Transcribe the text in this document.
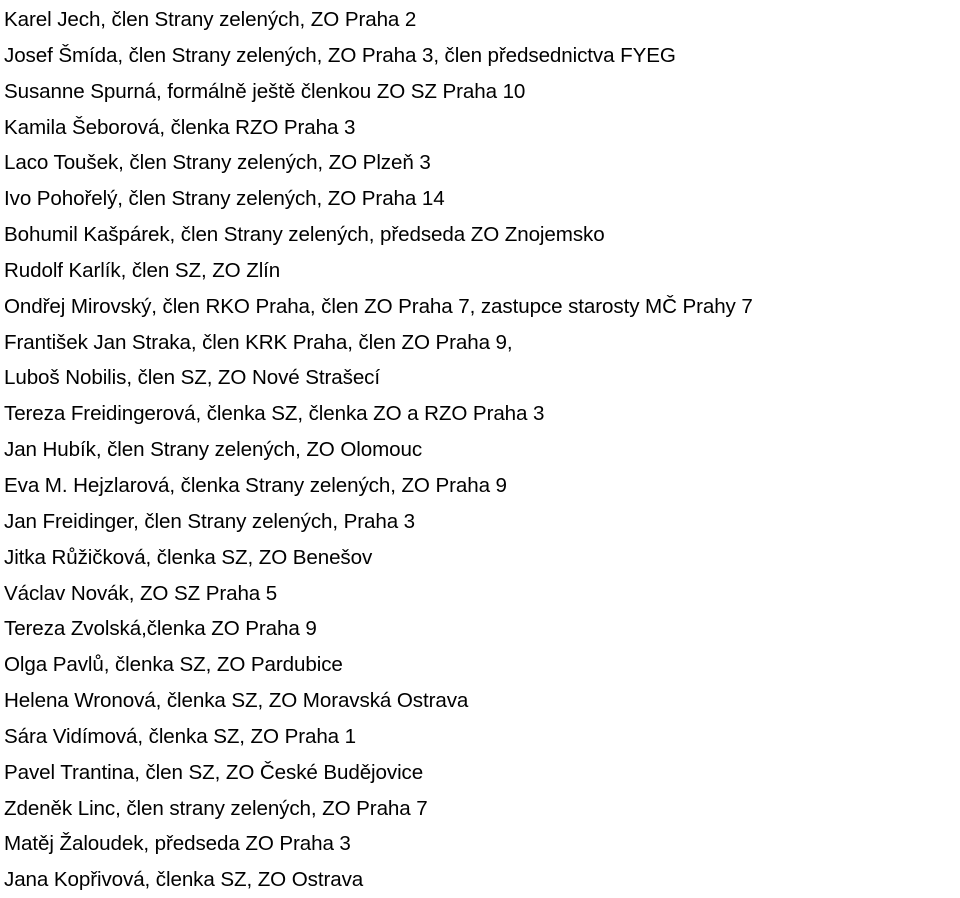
Karel Jech, člen Strany zelených, ZO Praha 2
Josef Šmída, člen Strany zelených, ZO Praha 3, člen předsednictva FYEG
Susanne Spurná, formálně ještě členkou ZO SZ Praha 10
Kamila Šeborová, členka RZO Praha 3
Laco Toušek, člen Strany zelených, ZO Plzeň 3
Ivo Pohořelý, člen Strany zelených, ZO Praha 14
Bohumil Kašpárek, člen Strany zelených, předseda ZO Znojemsko
Rudolf Karlík, člen SZ, ZO Zlín
Ondřej Mirovský, člen RKO Praha, člen ZO Praha 7, zastupce starosty MČ Prahy 7
František Jan Straka, člen KRK Praha, člen ZO Praha 9,
Luboš Nobilis, člen SZ, ZO Nové Strašecí
Tereza Freidingerová, členka SZ, členka ZO a RZO Praha 3
Jan Hubík, člen Strany zelených, ZO Olomouc
Eva M. Hejzlarová, členka Strany zelených, ZO Praha 9
Jan Freidinger, člen Strany zelených, Praha 3
Jitka Růžičková, členka SZ, ZO Benešov
Václav Novák, ZO SZ Praha 5
Tereza Zvolská,členka ZO Praha 9
Olga Pavlů, členka SZ, ZO Pardubice
Helena Wronová, členka SZ, ZO Moravská Ostrava
Sára Vidímová, členka SZ, ZO Praha 1
Pavel Trantina, člen SZ, ZO České Budějovice
Zdeněk Linc, člen strany zelených, ZO Praha 7
Matěj Žaloudek, předseda ZO Praha 3
Jana Kopřivová, členka SZ, ZO Ostrava
